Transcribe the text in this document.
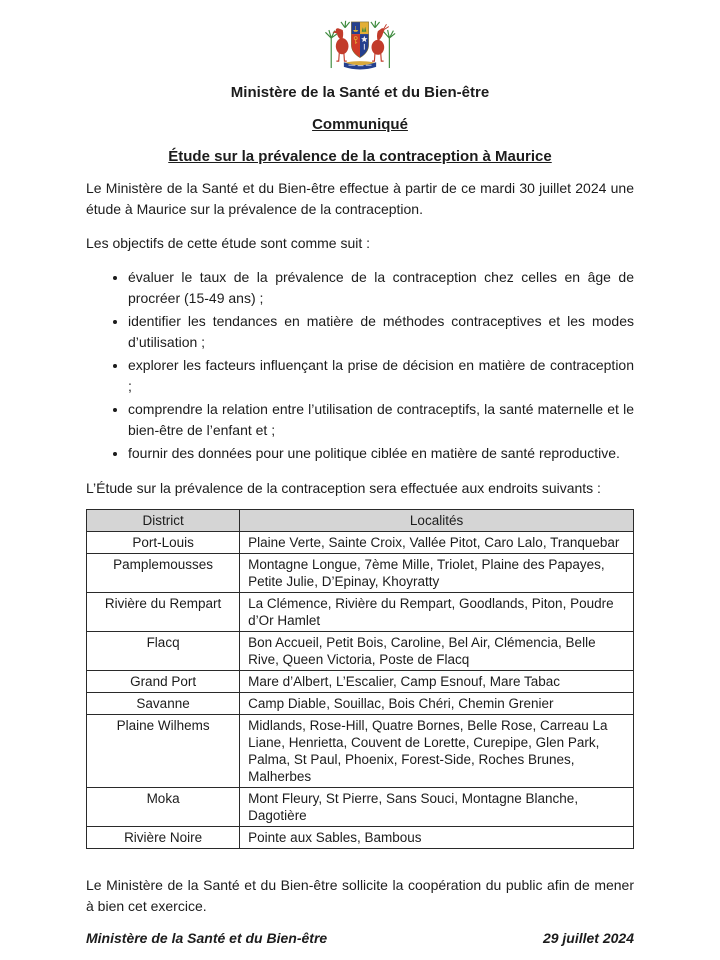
Ministère de la Santé et du Bien-être
Communiqué
Étude sur la prévalence de la contraception à Maurice

Le Ministère de la Santé et du Bien-être effectue à partir de ce mardi 30 juillet 2024 une étude à Maurice sur la prévalence de la contraception.

Les objectifs de cette étude sont comme suit :

• évaluer le taux de la prévalence de la contraception chez celles en âge de procréer (15-49 ans) ;
• identifier les tendances en matière de méthodes contraceptives et les modes d’utilisation ;
• explorer les facteurs influençant la prise de décision en matière de contraception ;
• comprendre la relation entre l’utilisation de contraceptifs, la santé maternelle et le bien-être de l’enfant et ;
• fournir des données pour une politique ciblée en matière de santé reproductive.

L’Étude sur la prévalence de la contraception sera effectuée aux endroits suivants :

District	Localités
Port-Louis	Plaine Verte, Sainte Croix, Vallée Pitot, Caro Lalo, Tranquebar
Pamplemousses	Montagne Longue, 7ème Mille, Triolet, Plaine des Papayes, Petite Julie, D’Epinay, Khoyratty
Rivière du Rempart	La Clémence, Rivière du Rempart, Goodlands, Piton, Poudre d’Or Hamlet
Flacq	Bon Accueil, Petit Bois, Caroline, Bel Air, Clémencia, Belle Rive, Queen Victoria, Poste de Flacq
Grand Port	Mare d’Albert, L’Escalier, Camp Esnouf, Mare Tabac
Savanne	Camp Diable, Souillac, Bois Chéri, Chemin Grenier
Plaine Wilhems	Midlands, Rose-Hill, Quatre Bornes, Belle Rose, Carreau La Liane, Henrietta, Couvent de Lorette, Curepipe, Glen Park, Palma, St Paul, Phoenix, Forest-Side, Roches Brunes, Malherbes
Moka	Mont Fleury, St Pierre, Sans Souci, Montagne Blanche, Dagotière
Rivière Noire	Pointe aux Sables, Bambous

Le Ministère de la Santé et du Bien-être sollicite la coopération du public afin de mener à bien cet exercice.

Ministère de la Santé et du Bien-être	29 juillet 2024
